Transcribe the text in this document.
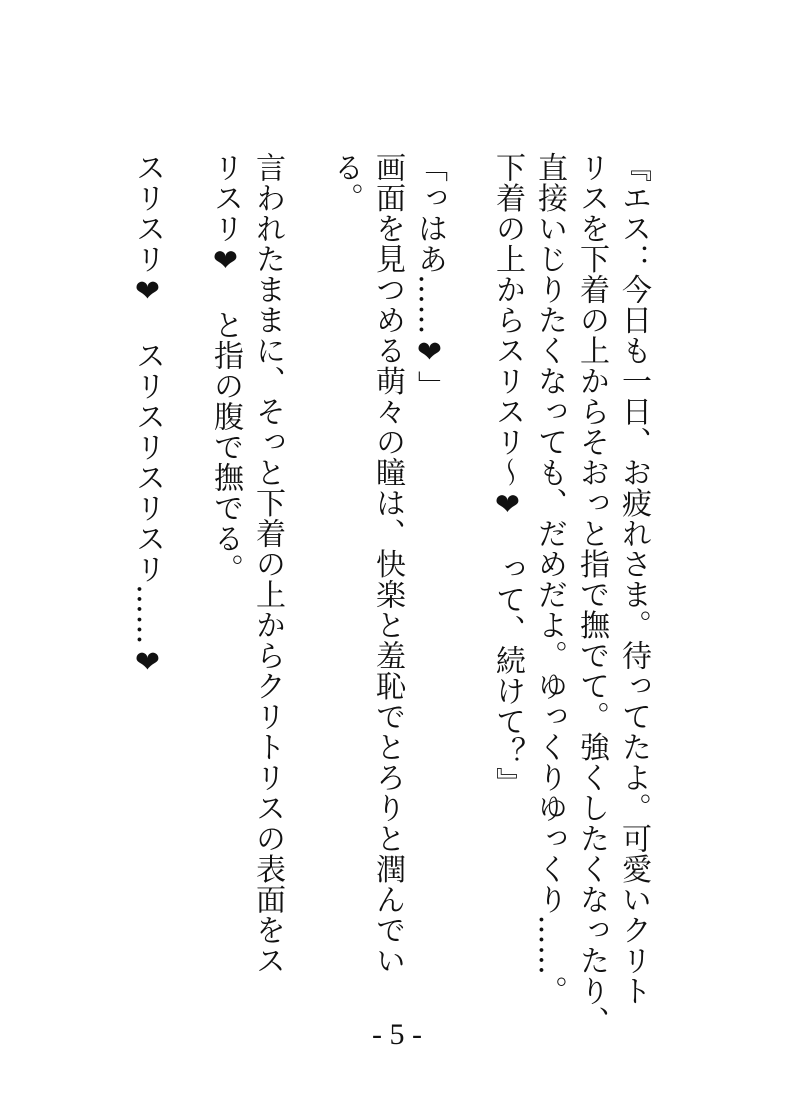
『エス：今日も一日、お疲れさま。待ってたよ。可愛いクリト
リスを下着の上からそおっと指で撫でて。強くしたくなったり、
直接いじりたくなっても、だめだよ。ゆっくりゆっくり……。
下着の上からスリスリ〜❤　って、続けて？』
「っはあ……❤」
画面を見つめる萌々の瞳は、快楽と羞恥でとろりと潤んでい
る。
言われたままに、そっと下着の上からクリトリスの表面をス
リスリ❤　と指の腹で撫でる。
スリスリ❤　スリスリスリスリ……❤
- 5 -
